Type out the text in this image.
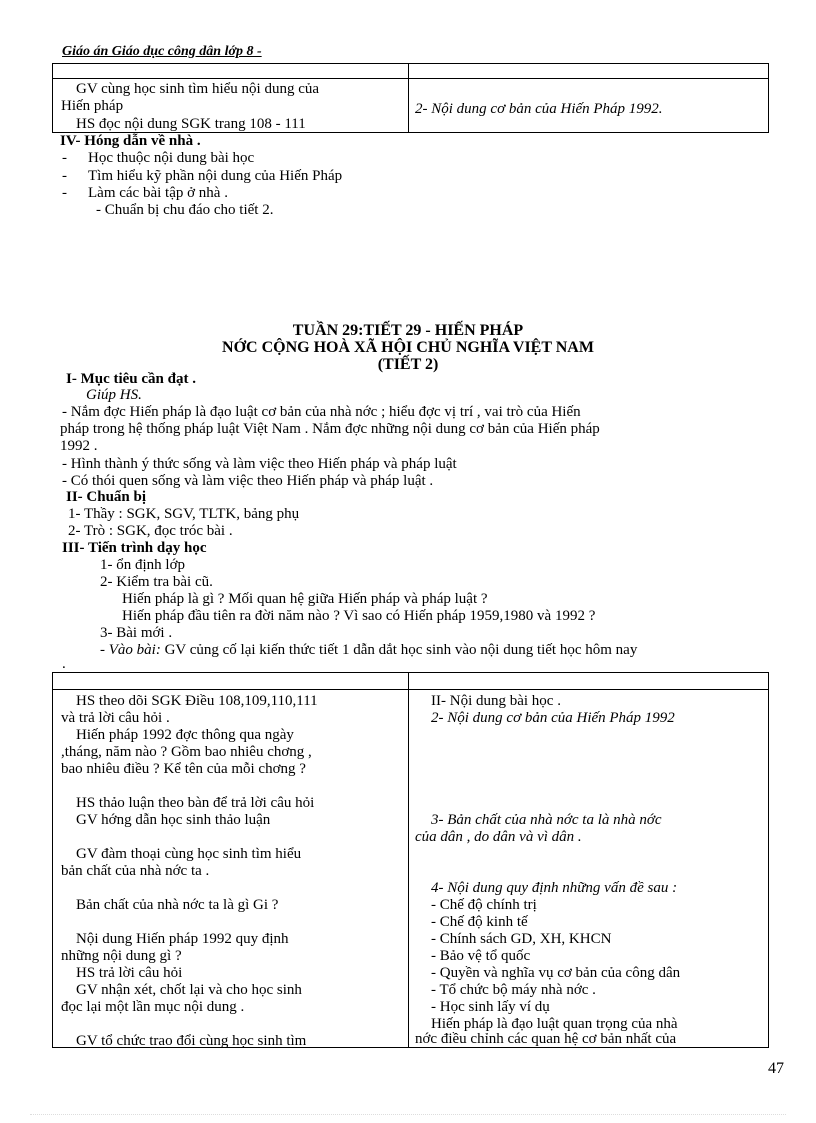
Giáo án Giáo dục công dân lớp 8 -
GV cùng học sinh tìm hiểu nội dung của
Hiến pháp
HS đọc nội dung SGK trang 108 - 111
2- Nội dung cơ bản của Hiến Pháp 1992.
IV- Hóng dẫn về nhà .
- Học thuộc nội dung bài học
- Tìm hiểu kỹ phần nội dung của Hiến Pháp
- Làm các bài tập ở nhà .
- Chuẩn bị chu đáo cho tiết 2.
TUẦN 29:TIẾT 29 - HIẾN PHÁP
NỚC CỘNG HOÀ XÃ HỘI CHỦ NGHĨA VIỆT NAM
(TIẾT 2)
I- Mục tiêu cần đạt .
Giúp HS.
- Nắm đợc Hiến pháp là đạo luật cơ bản của nhà nớc ; hiểu đợc vị trí , vai trò của Hiến
pháp trong hệ thống pháp luật Việt Nam . Nắm đợc những nội dung cơ bản của Hiến pháp
1992 .
- Hình thành ý thức sống và làm việc theo Hiến pháp và pháp luật
- Có thói quen sống và làm việc theo Hiến pháp và pháp luật .
II- Chuẩn bị
1- Thầy : SGK, SGV, TLTK, bảng phụ
2- Trò : SGK, đọc tróc bài .
III- Tiến trình dạy học
1- ổn định lớp
2- Kiểm tra bài cũ.
Hiến pháp là gì ? Mối quan hệ giữa Hiến pháp và pháp luật ?
Hiến pháp đầu tiên ra đời năm nào ? Vì sao có Hiến pháp 1959,1980 và 1992 ?
3- Bài mới .
- Vào bài: GV củng cố lại kiến thức tiết 1 dẫn dắt học sinh vào nội dung tiết học hôm nay
.
HS theo dõi SGK Điều 108,109,110,111
và trả lời câu hỏi .
Hiến pháp 1992 đợc thông qua ngày
,tháng, năm nào ? Gồm bao nhiêu chơng ,
bao nhiêu điều ? Kể tên của mỗi chơng ?
HS thảo luận theo bàn để trả lời câu hỏi
GV hớng dẫn học sinh thảo luận
GV đàm thoại cùng học sinh tìm hiểu
bản chất của nhà nớc ta .
Bản chất của nhà nớc ta là gì Gi ?
Nội dung Hiến pháp 1992 quy định
những nội dung gì ?
HS trả lời câu hỏi
GV nhận xét, chốt lại và cho học sinh
đọc lại một lần mục nội dung .
GV tổ chức trao đổi cùng học sinh tìm
II- Nội dung bài học .
2- Nội dung cơ bản của Hiến Pháp 1992
3- Bản chất của nhà nớc ta là nhà nớc
của dân , do dân và vì dân .
4- Nội dung quy định những vấn đề sau :
- Chế độ chính trị
- Chế độ kinh tế
- Chính sách GD, XH, KHCN
- Bảo vệ tổ quốc
- Quyền và nghĩa vụ cơ bản của công dân
- Tổ chức bộ máy nhà nớc .
- Học sinh lấy ví dụ
Hiến pháp là đạo luật quan trọng của nhà
nớc điều chỉnh các quan hệ cơ bản nhất của
47
